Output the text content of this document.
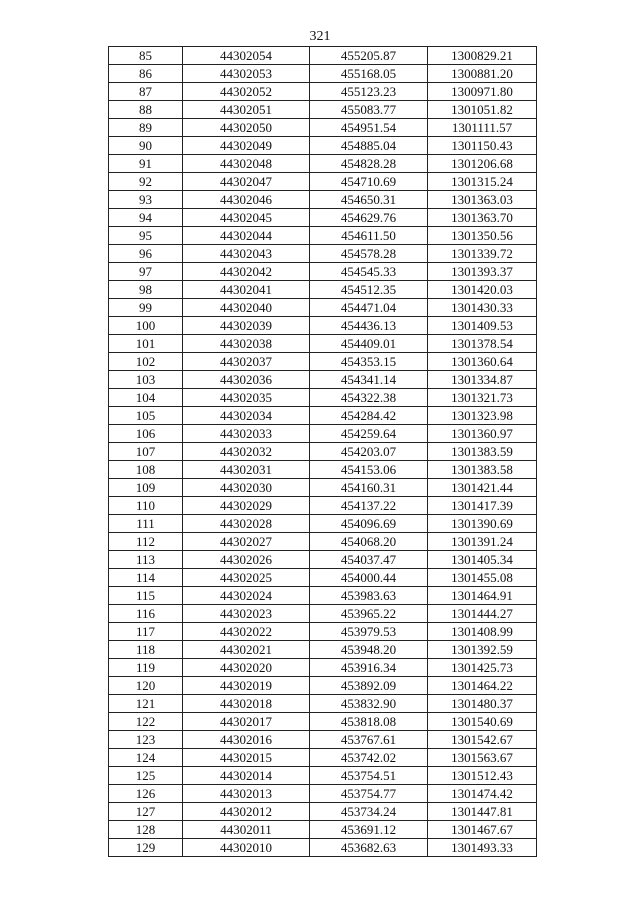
321
85	44302054	455205.87	1300829.21
86	44302053	455168.05	1300881.20
87	44302052	455123.23	1300971.80
88	44302051	455083.77	1301051.82
89	44302050	454951.54	1301111.57
90	44302049	454885.04	1301150.43
91	44302048	454828.28	1301206.68
92	44302047	454710.69	1301315.24
93	44302046	454650.31	1301363.03
94	44302045	454629.76	1301363.70
95	44302044	454611.50	1301350.56
96	44302043	454578.28	1301339.72
97	44302042	454545.33	1301393.37
98	44302041	454512.35	1301420.03
99	44302040	454471.04	1301430.33
100	44302039	454436.13	1301409.53
101	44302038	454409.01	1301378.54
102	44302037	454353.15	1301360.64
103	44302036	454341.14	1301334.87
104	44302035	454322.38	1301321.73
105	44302034	454284.42	1301323.98
106	44302033	454259.64	1301360.97
107	44302032	454203.07	1301383.59
108	44302031	454153.06	1301383.58
109	44302030	454160.31	1301421.44
110	44302029	454137.22	1301417.39
111	44302028	454096.69	1301390.69
112	44302027	454068.20	1301391.24
113	44302026	454037.47	1301405.34
114	44302025	454000.44	1301455.08
115	44302024	453983.63	1301464.91
116	44302023	453965.22	1301444.27
117	44302022	453979.53	1301408.99
118	44302021	453948.20	1301392.59
119	44302020	453916.34	1301425.73
120	44302019	453892.09	1301464.22
121	44302018	453832.90	1301480.37
122	44302017	453818.08	1301540.69
123	44302016	453767.61	1301542.67
124	44302015	453742.02	1301563.67
125	44302014	453754.51	1301512.43
126	44302013	453754.77	1301474.42
127	44302012	453734.24	1301447.81
128	44302011	453691.12	1301467.67
129	44302010	453682.63	1301493.33
